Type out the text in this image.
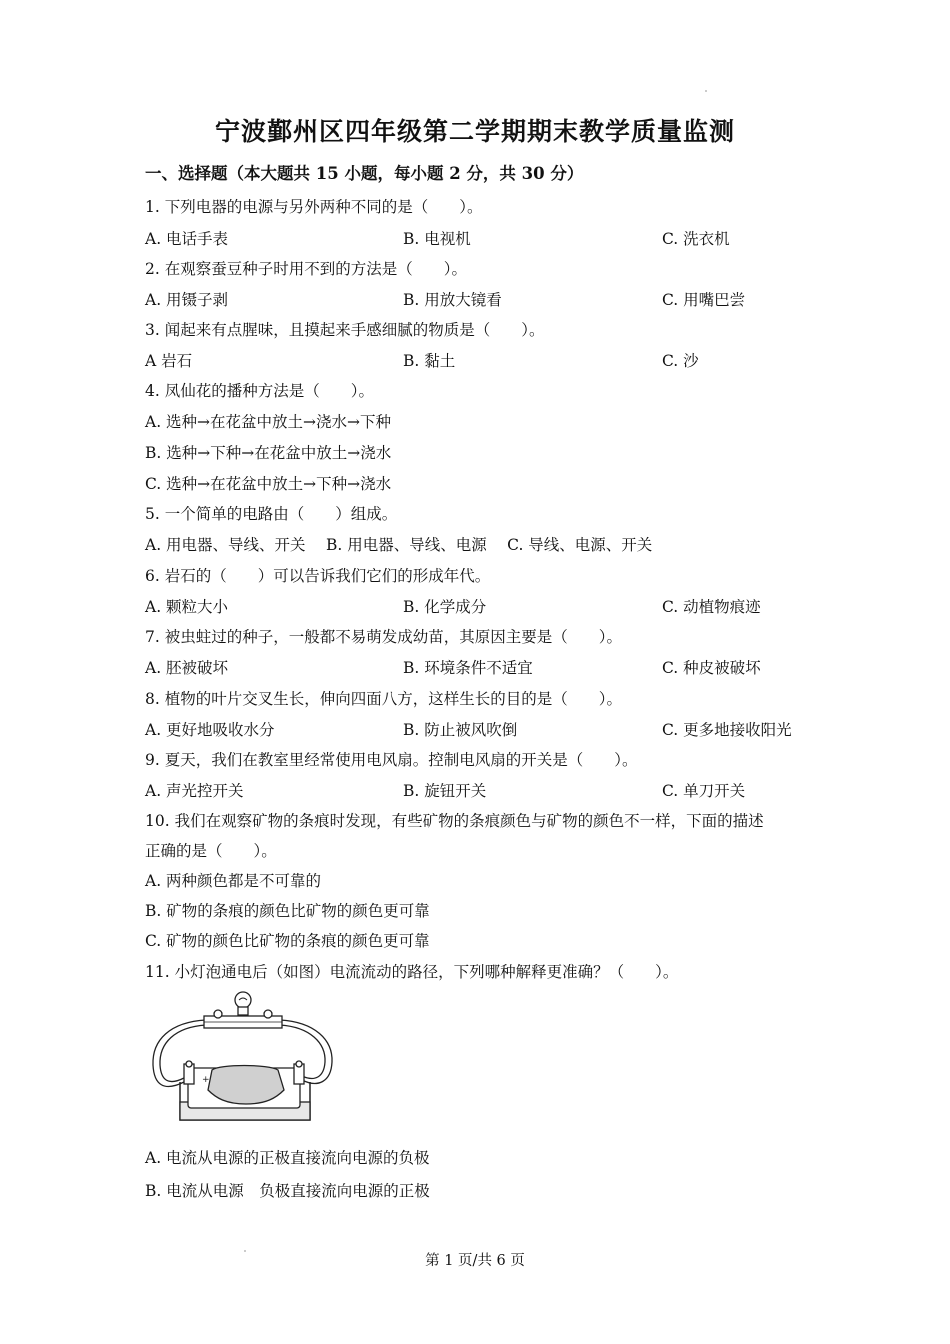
宁波鄞州区四年级第二学期期末教学质量监测
一、选择题（本大题共 15 小题，每小题 2 分，共 30 分）
1. 下列电器的电源与另外两种不同的是（　　）。
A. 电话手表	B. 电视机	C. 洗衣机
2. 在观察蚕豆种子时用不到的方法是（　　）。
A. 用镊子剥	B. 用放大镜看	C. 用嘴巴尝
3. 闻起来有点腥味，且摸起来手感细腻的物质是（　　）。
A 岩石	B. 黏土	C. 沙
4. 凤仙花的播种方法是（　　）。
A. 选种→在花盆中放土→浇水→下种
B. 选种→下种→在花盆中放土→浇水
C. 选种→在花盆中放土→下种→浇水
5. 一个简单的电路由（　　）组成。
A. 用电器、导线、开关　 B. 用电器、导线、电源　 C. 导线、电源、开关
6. 岩石的（　　）可以告诉我们它们的形成年代。
A. 颗粒大小	B. 化学成分	C. 动植物痕迹
7. 被虫蛀过的种子，一般都不易萌发成幼苗，其原因主要是（　　）。
A. 胚被破坏	B. 环境条件不适宜	C. 种皮被破坏
8. 植物的叶片交叉生长，伸向四面八方，这样生长的目的是（　　）。
A. 更好地吸收水分	B. 防止被风吹倒	C. 更多地接收阳光
9. 夏天，我们在教室里经常使用电风扇。控制电风扇的开关是（　　）。
A. 声光控开关	B. 旋钮开关	C. 单刀开关
10. 我们在观察矿物的条痕时发现，有些矿物的条痕颜色与矿物的颜色不一样，下面的描述
正确的是（　　）。
A. 两种颜色都是不可靠的
B. 矿物的条痕的颜色比矿物的颜色更可靠
C. 矿物的颜色比矿物的条痕的颜色更可靠
11. 小灯泡通电后（如图）电流流动的路径，下列哪种解释更准确？（　　）。
+
A. 电流从电源的正极直接流向电源的负极
B. 电流从电源　负极直接流向电源的正极
第 1 页/共 6 页
